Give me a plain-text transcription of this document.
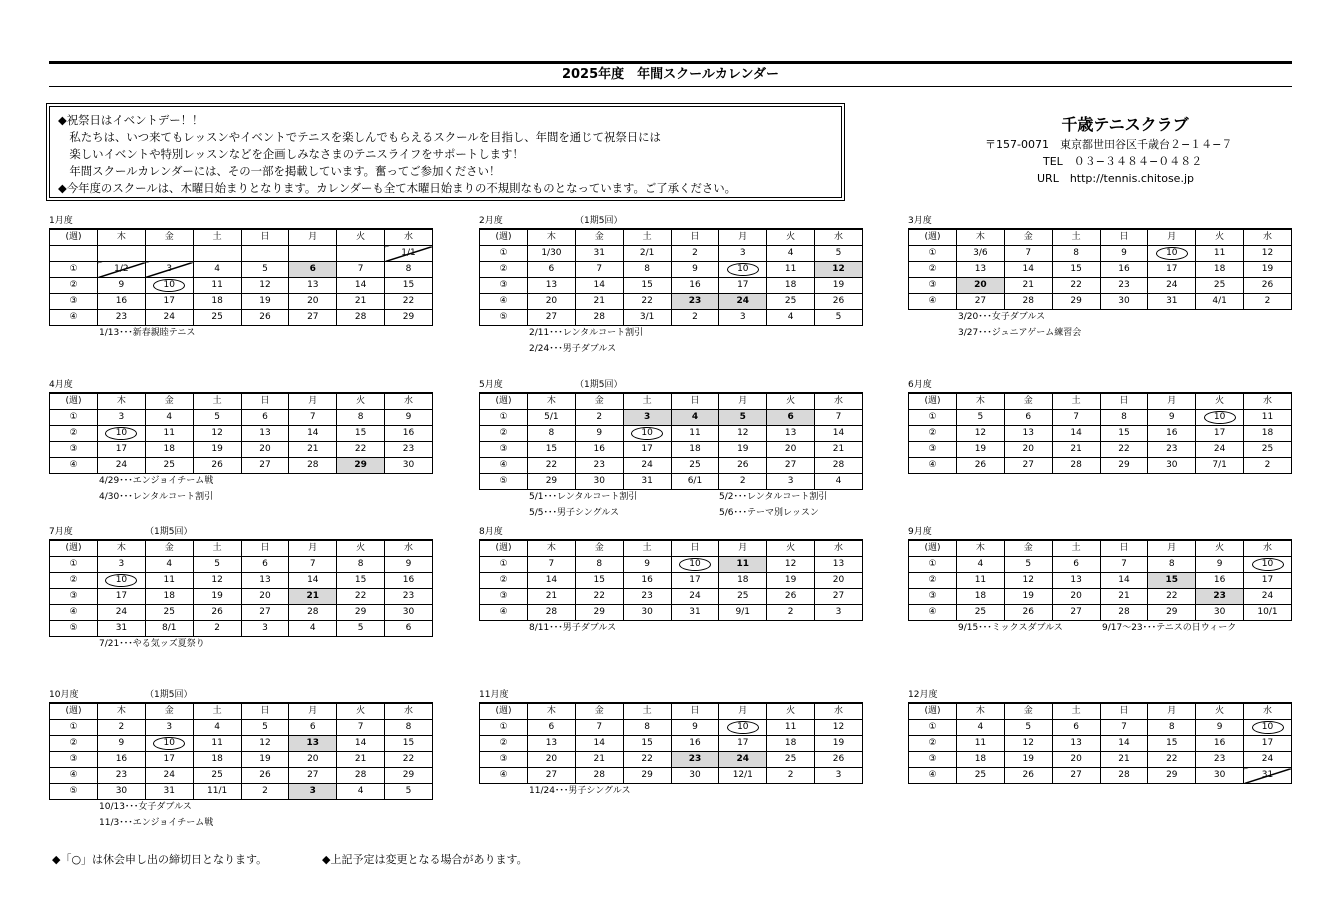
2025年度　年間スクールカレンダー
◆祝祭日はイベントデー！！
　私たちは、いつ来てもレッスンやイベントでテニスを楽しんでもらえるスクールを目指し、年間を通じて祝祭日には
　楽しいイベントや特別レッスンなどを企画しみなさまのテニスライフをサポートします！
　年間スクールカレンダーには、その一部を掲載しています。奮ってご参加ください！
◆今年度のスクールは、木曜日始まりとなります。カレンダーも全て木曜日始まりの不規則なものとなっています。ご了承ください。
千歳テニスクラブ
〒157-0071　東京都世田谷区千歳台２−１４−７
TEL　０３−３４８４−０４８２
URL　http://tennis.chitose.jp
1月度
(週)	木	金	土	日	月	火	水
							1/1
①	1/2	3	4	5	6	7	8
②	9	10	11	12	13	14	15
③	16	17	18	19	20	21	22
④	23	24	25	26	27	28	29
1/13･･･新春親睦テニス
2月度	（1期5回）
(週)	木	金	土	日	月	火	水
①	1/30	31	2/1	2	3	4	5
②	6	7	8	9	10	11	12
③	13	14	15	16	17	18	19
④	20	21	22	23	24	25	26
⑤	27	28	3/1	2	3	4	5
2/11･･･レンタルコート割引
2/24･･･男子ダブルス
3月度
(週)	木	金	土	日	月	火	水
①	3/6	7	8	9	10	11	12
②	13	14	15	16	17	18	19
③	20	21	22	23	24	25	26
④	27	28	29	30	31	4/1	2
3/20･･･女子ダブルス
3/27･･･ジュニアゲーム練習会
4月度
(週)	木	金	土	日	月	火	水
①	3	4	5	6	7	8	9
②	10	11	12	13	14	15	16
③	17	18	19	20	21	22	23
④	24	25	26	27	28	29	30
4/29･･･エンジョイチーム戦
4/30･･･レンタルコート割引
5月度	（1期5回）
(週)	木	金	土	日	月	火	水
①	5/1	2	3	4	5	6	7
②	8	9	10	11	12	13	14
③	15	16	17	18	19	20	21
④	22	23	24	25	26	27	28
⑤	29	30	31	6/1	2	3	4
5/1･･･レンタルコート割引	5/2･･･レンタルコート割引
5/5･･･男子シングルス	5/6･･･テーマ別レッスン
6月度
(週)	木	金	土	日	月	火	水
①	5	6	7	8	9	10	11
②	12	13	14	15	16	17	18
③	19	20	21	22	23	24	25
④	26	27	28	29	30	7/1	2
7月度	（1期5回）
(週)	木	金	土	日	月	火	水
①	3	4	5	6	7	8	9
②	10	11	12	13	14	15	16
③	17	18	19	20	21	22	23
④	24	25	26	27	28	29	30
⑤	31	8/1	2	3	4	5	6
7/21･･･やる気ッズ夏祭り
8月度
(週)	木	金	土	日	月	火	水
①	7	8	9	10	11	12	13
②	14	15	16	17	18	19	20
③	21	22	23	24	25	26	27
④	28	29	30	31	9/1	2	3
8/11･･･男子ダブルス
9月度
(週)	木	金	土	日	月	火	水
①	4	5	6	7	8	9	10
②	11	12	13	14	15	16	17
③	18	19	20	21	22	23	24
④	25	26	27	28	29	30	10/1
9/15･･･ミックスダブルス	9/17〜23･･･テニスの日ウィーク
10月度	（1期5回）
(週)	木	金	土	日	月	火	水
①	2	3	4	5	6	7	8
②	9	10	11	12	13	14	15
③	16	17	18	19	20	21	22
④	23	24	25	26	27	28	29
⑤	30	31	11/1	2	3	4	5
10/13･･･女子ダブルス
11/3･･･エンジョイチーム戦
11月度
(週)	木	金	土	日	月	火	水
①	6	7	8	9	10	11	12
②	13	14	15	16	17	18	19
③	20	21	22	23	24	25	26
④	27	28	29	30	12/1	2	3
11/24･･･男子シングルス
12月度
(週)	木	金	土	日	月	火	水
①	4	5	6	7	8	9	10
②	11	12	13	14	15	16	17
③	18	19	20	21	22	23	24
④	25	26	27	28	29	30	31
◆「○」は休会申し出の締切日となります。	◆上記予定は変更となる場合があります。
